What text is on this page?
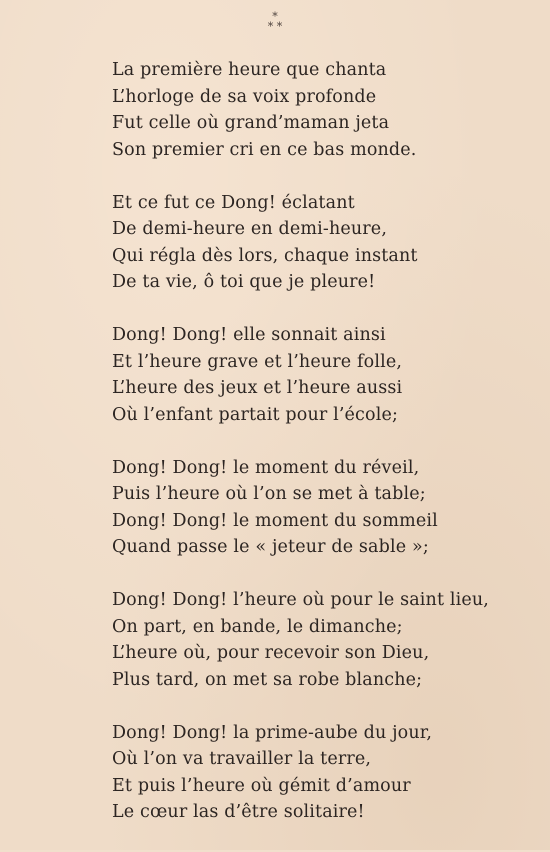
*
* *
La première heure que chanta
L’horloge de sa voix profonde
Fut celle où grand’maman jeta
Son premier cri en ce bas monde.
Et ce fut ce Dong! éclatant
De demi-heure en demi-heure,
Qui régla dès lors, chaque instant
De ta vie, ô toi que je pleure!
Dong! Dong! elle sonnait ainsi
Et l’heure grave et l’heure folle,
L’heure des jeux et l’heure aussi
Où l’enfant partait pour l’école;
Dong! Dong! le moment du réveil,
Puis l’heure où l’on se met à table;
Dong! Dong! le moment du sommeil
Quand passe le « jeteur de sable »;
Dong! Dong! l’heure où pour le saint lieu,
On part, en bande, le dimanche;
L’heure où, pour recevoir son Dieu,
Plus tard, on met sa robe blanche;
Dong! Dong! la prime-aube du jour,
Où l’on va travailler la terre,
Et puis l’heure où gémit d’amour
Le cœur las d’être solitaire!
